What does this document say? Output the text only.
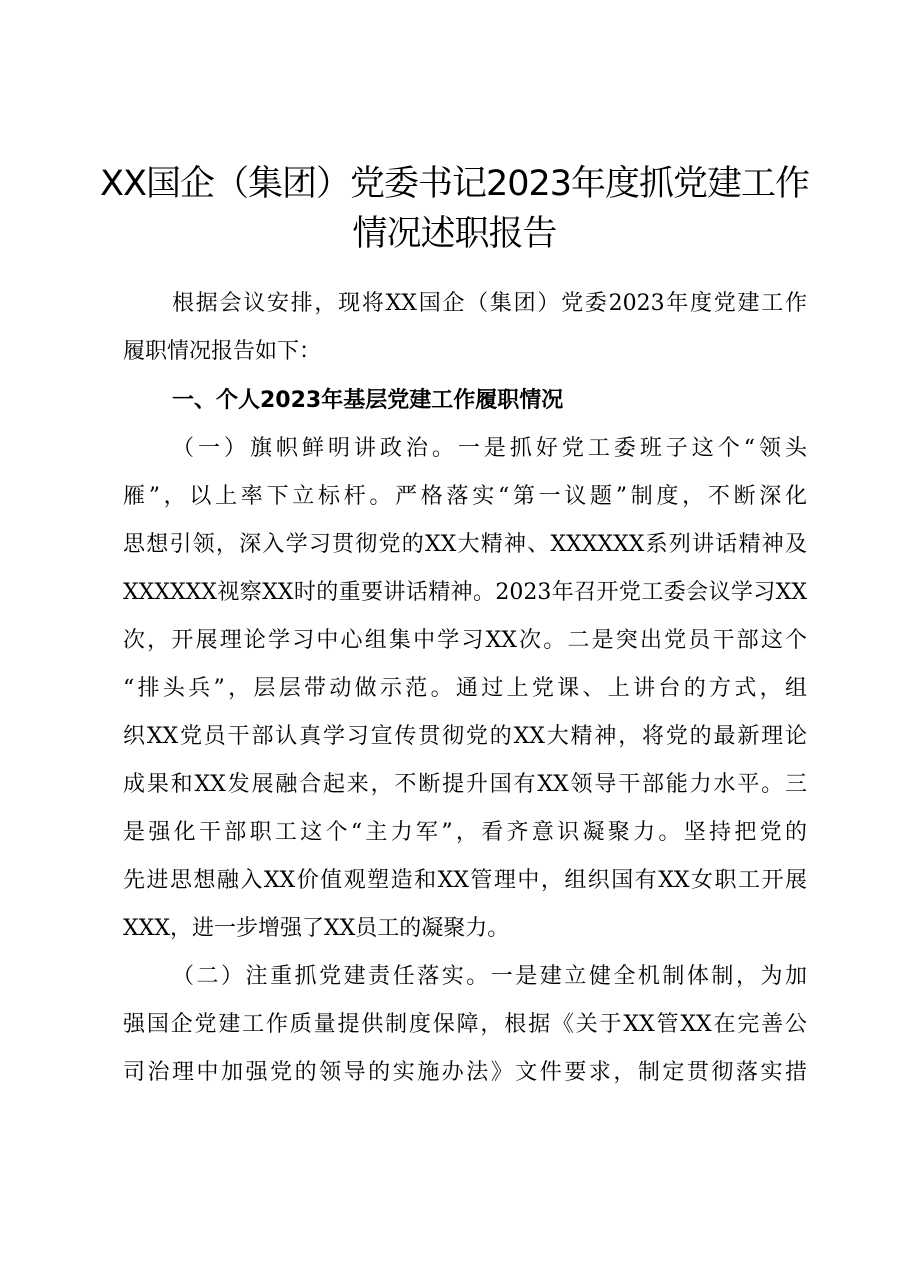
XX国企（集团）党委书记2023年度抓党建工作
情况述职报告
根据会议安排，现将XX国企（集团）党委2023年度党建工作
履职情况报告如下：
一、个人2023年基层党建工作履职情况
（一）旗帜鲜明讲政治。一是抓好党工委班子这个“领头
雁”，以上率下立标杆。严格落实“第一议题”制度，不断深化
思想引领，深入学习贯彻党的XX大精神、XXXXXX系列讲话精神及
XXXXXX视察XX时的重要讲话精神。2023年召开党工委会议学习XX
次，开展理论学习中心组集中学习XX次。二是突出党员干部这个
“排头兵”，层层带动做示范。通过上党课、上讲台的方式，组
织XX党员干部认真学习宣传贯彻党的XX大精神，将党的最新理论
成果和XX发展融合起来，不断提升国有XX领导干部能力水平。三
是强化干部职工这个“主力军”，看齐意识凝聚力。坚持把党的
先进思想融入XX价值观塑造和XX管理中，组织国有XX女职工开展
XXX，进一步增强了XX员工的凝聚力。
（二）注重抓党建责任落实。一是建立健全机制体制，为加
强国企党建工作质量提供制度保障，根据《关于XX管XX在完善公
司治理中加强党的领导的实施办法》文件要求，制定贯彻落实措
